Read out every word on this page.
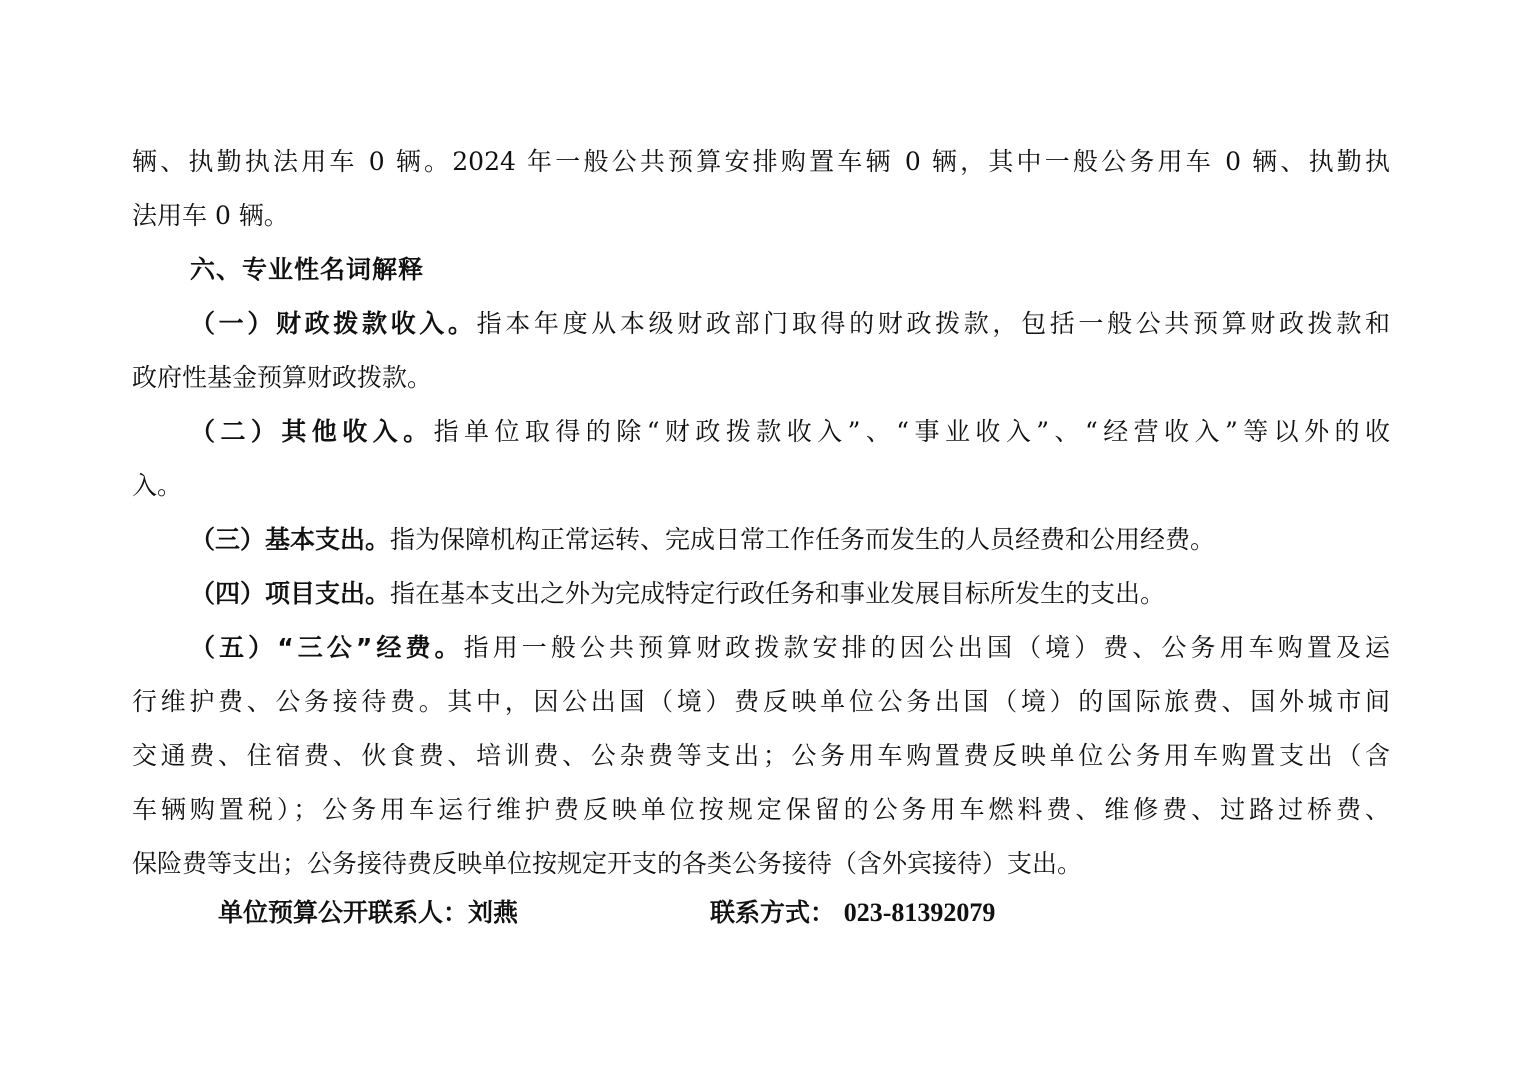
辆、执勤执法用车 0 辆。2024 年一般公共预算安排购置车辆 0 辆，其中一般公务用车 0 辆、执勤执
法用车 0 辆。
六、专业性名词解释
（一）财政拨款收入。指本年度从本级财政部门取得的财政拨款，包括一般公共预算财政拨款和
政府性基金预算财政拨款。
（二）其他收入。指单位取得的除“财政拨款收入”、“事业收入”、“经营收入”等以外的收
入。
（三）基本支出。指为保障机构正常运转、完成日常工作任务而发生的人员经费和公用经费。
（四）项目支出。指在基本支出之外为完成特定行政任务和事业发展目标所发生的支出。
（五）“三公”经费。指用一般公共预算财政拨款安排的因公出国（境）费、公务用车购置及运
行维护费、公务接待费。其中，因公出国（境）费反映单位公务出国（境）的国际旅费、国外城市间
交通费、住宿费、伙食费、培训费、公杂费等支出；公务用车购置费反映单位公务用车购置支出（含
车辆购置税）；公务用车运行维护费反映单位按规定保留的公务用车燃料费、维修费、过路过桥费、
保险费等支出；公务接待费反映单位按规定开支的各类公务接待（含外宾接待）支出。
单位预算公开联系人：刘燕	联系方式： 023-81392079
